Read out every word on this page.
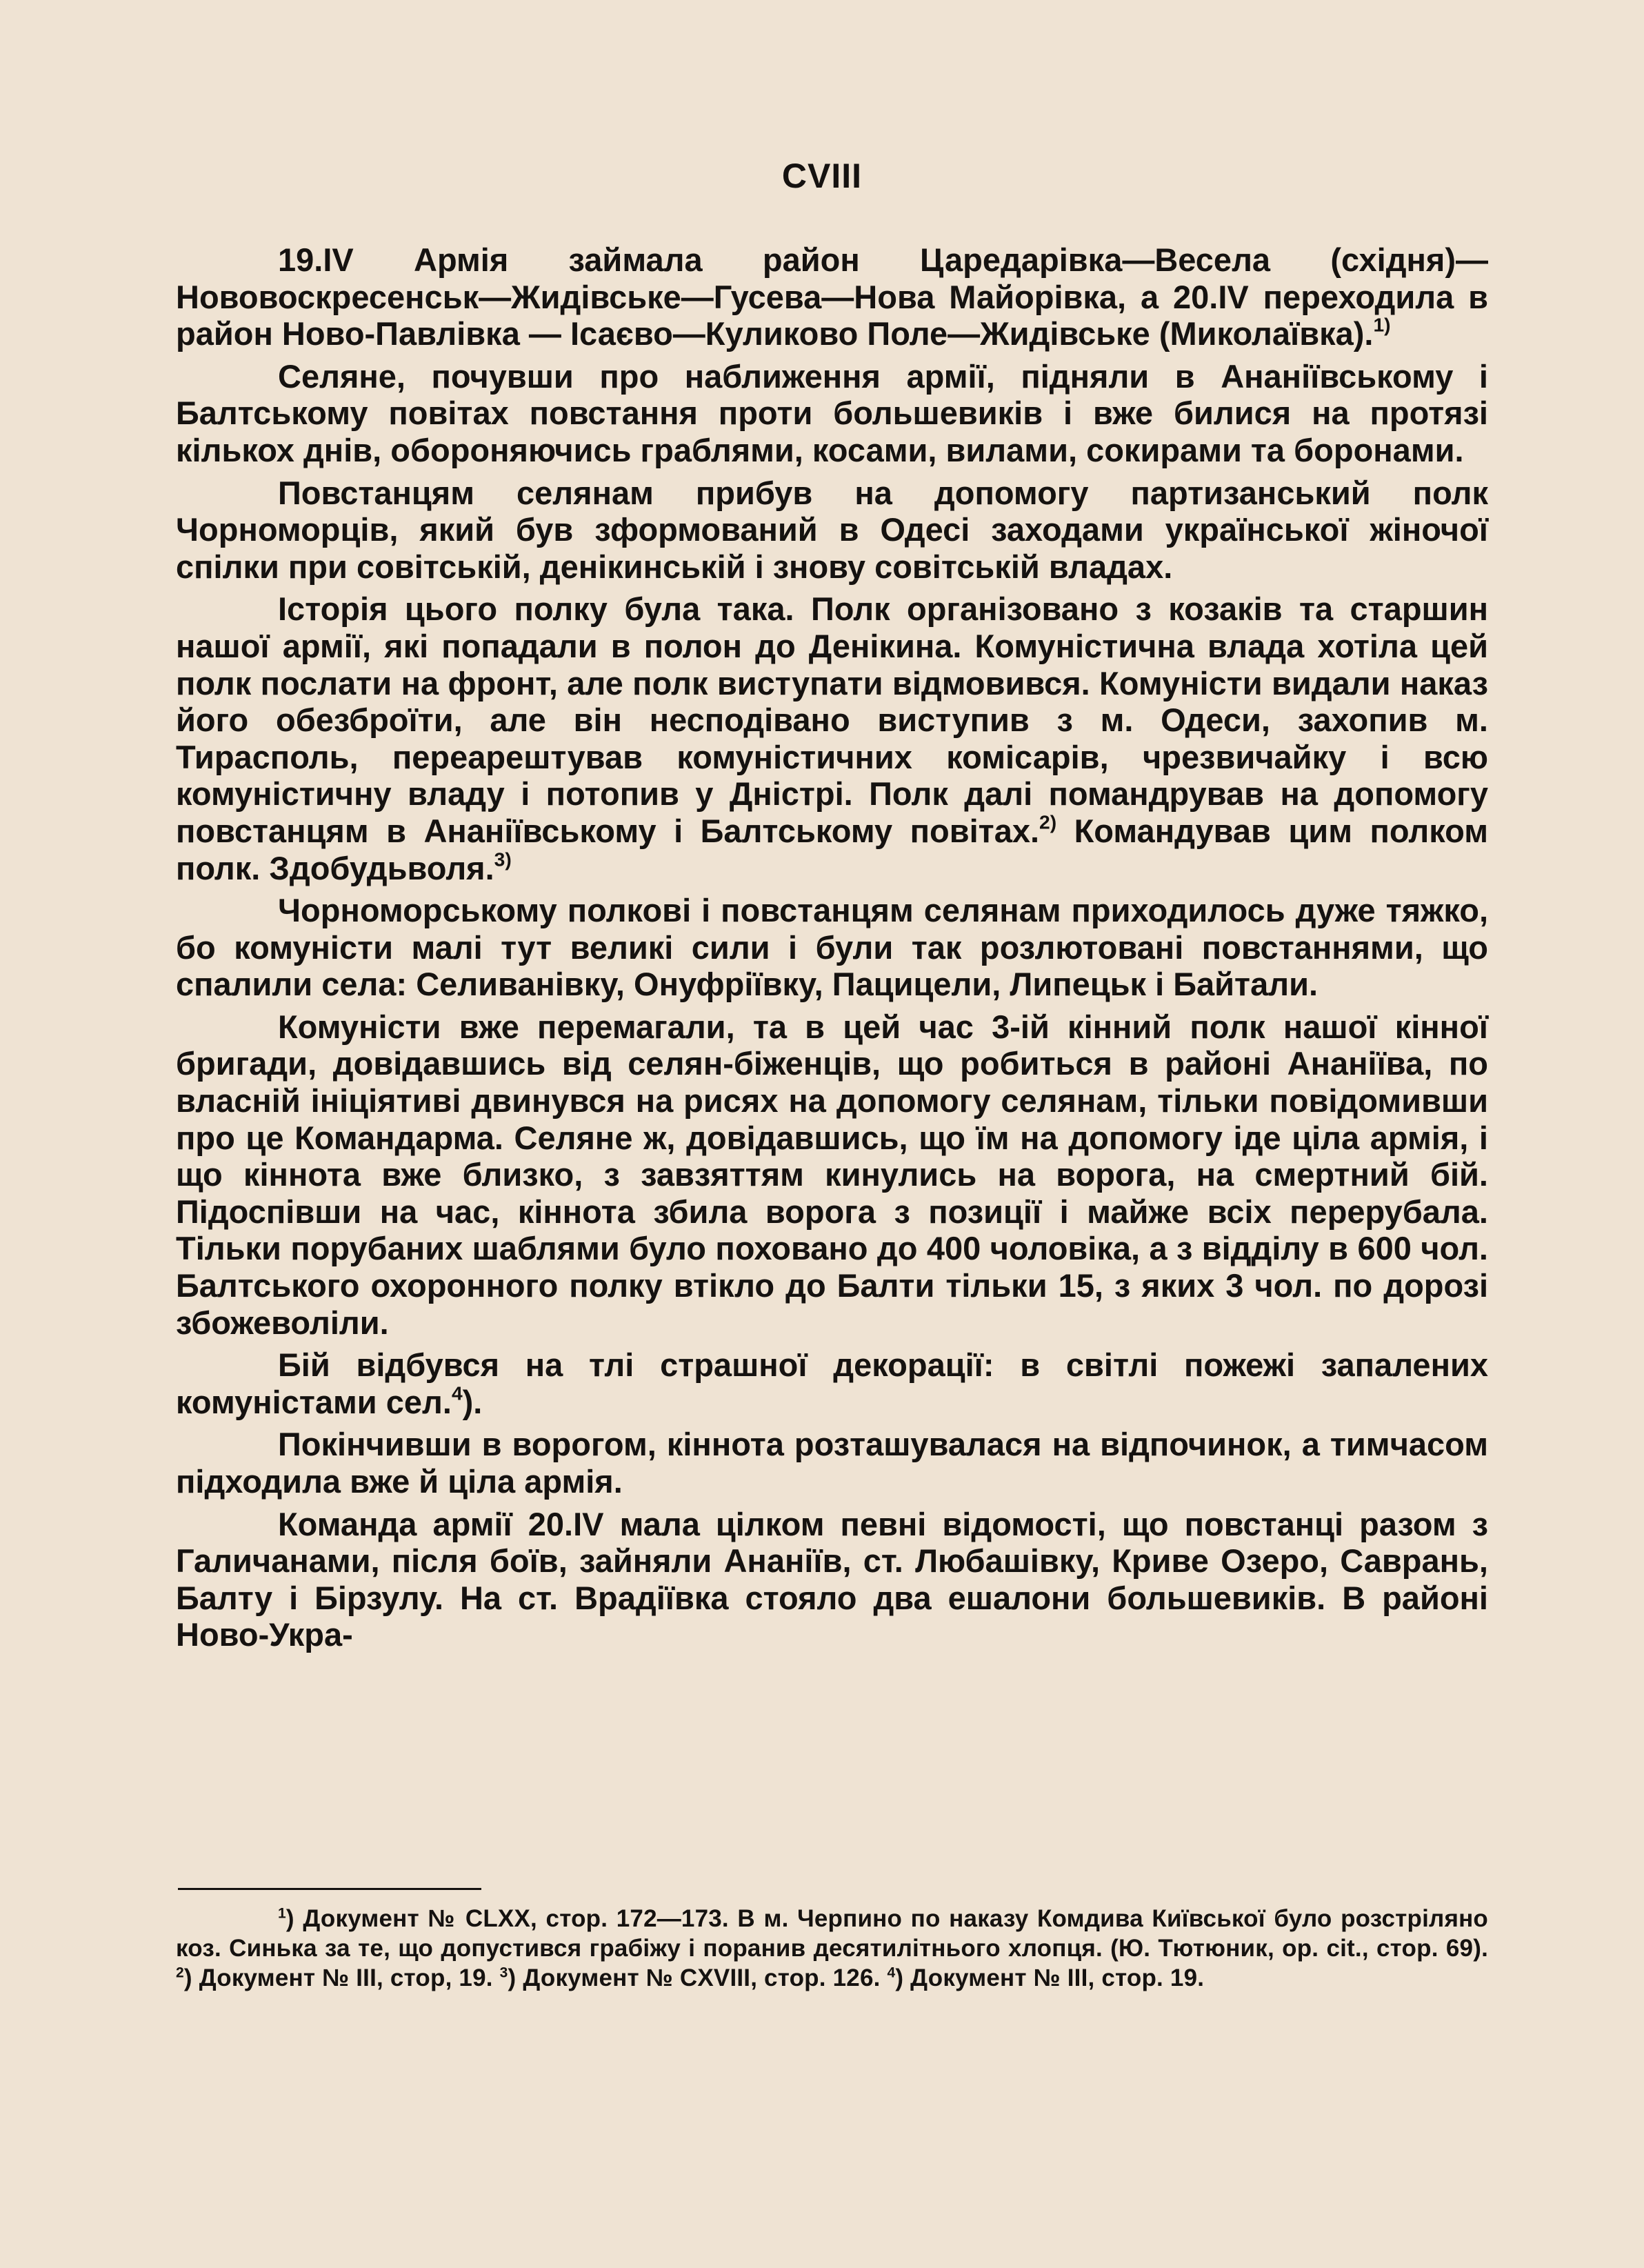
CVIII

19.IV Армія займала район Царедарівка—Весела (східня)—Нововоскресенськ—Жидівське—Гусева—Нова Майорівка, а 20.IV переходила в район Ново-Павлівка — Ісаєво—Куликово Поле—Жидівське (Миколаївка).$^{1)}$

Селяне, почувши про наближення армії, підняли в Ананіївському і Балтському повітах повстання проти большевиків і вже билися на протязі кількох днів, обороняючись граблями, косами, вилами, сокирами та боронами.

Повстанцям селянам прибув на допомогу партизанський полк Чорноморців, який був зформований в Одесі заходами української жіночої спілки при совітській, денікинській і знову совітській владах.

Історія цього полку була така. Полк організовано з козаків та старшин нашої армії, які попадали в полон до Денікина. Комуністична влада хотіла цей полк послати на фронт, але полк виступати відмовився. Комуністи видали наказ його обезброїти, але він несподівано виступив з м. Одеси, захопив м. Тирасполь, переарештував комуністичних комісарів, чрезвичайку і всю комуністичну владу і потопив у Дністрі. Полк далі помандрував на допомогу повстанцям в Ананіївському і Балтському повітах.$^{2)}$ Командував цим полком полк. Здобудьволя.$^{3)}$

Чорноморському полкові і повстанцям селянам приходилось дуже тяжко, бо комуністи малі тут великі сили і були так розлютовані повстаннями, що спалили села: Селиванівку, Онуфріївку, Пацицели, Липецьк і Байтали.

Комуністи вже перемагали, та в цей час 3-ій кінний полк нашої кінної бригади, довідавшись від селян-біженців, що робиться в районі Ананіїва, по власній ініціятиві двинувся на рисях на допомогу селянам, тільки повідомивши про це Командарма. Селяне ж, довідавшись, що їм на допомогу іде ціла армія, і що кіннота вже близко, з завзяттям кинулись на ворога, на смертний бій. Підоспівши на час, кіннота збила ворога з позиції і майже всіх перерубала. Тільки порубаних шаблями було поховано до 400 чоловіка, а з відділу в 600 чол. Балтського охоронного полку втікло до Балти тільки 15, з яких 3 чол. по дорозі збожеволіли.

Бій відбувся на тлі страшної декорації: в світлі пожежі запалених комуністами сел.$^4$).

Покінчивши в ворогом, кіннота розташувалася на відпочинок, а тимчасом підходила вже й ціла армія.

Команда армії 20.IV мала цілком певні відомості, що повстанці разом з Галичанами, після боїв, зайняли Ананіїв, ст. Любашівку, Криве Озеро, Саврань, Балту і Бірзулу. На ст. Врадіївка стояло два ешалони большевиків. В районі Ново-Укра-

$^1$) Документ № CLXX, стор. 172—173. В м. Черпино по наказу Комдива Київської було розстріляно коз. Синька за те, що допустився грабіжу і поранив десятилітнього хлопця. (Ю. Тютюник, op. cit., стор. 69). $^2$) Документ № III, стор, 19. $^3$) Документ № CXVIII, стор. 126. $^4$) Документ № III, стор. 19.
